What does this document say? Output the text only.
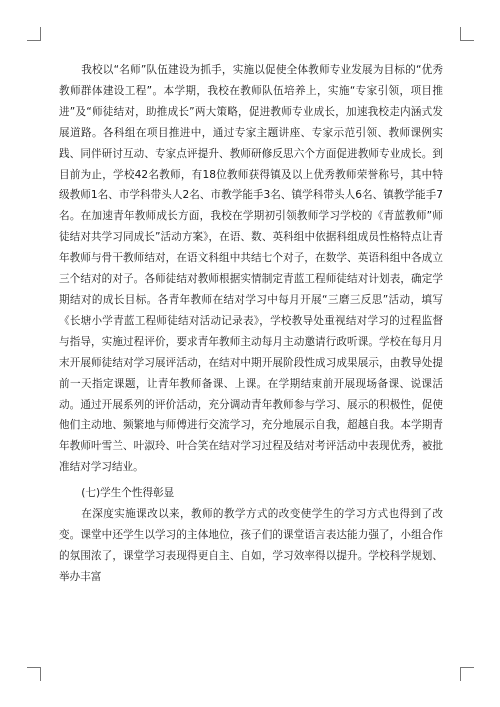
我校以“名师”队伍建设为抓手，实施以促使全体教师专业发展为目标的“优秀教师群体建设工程”。本学期，我校在教师队伍培养上，实施“专家引领，项目推进”及“师徒结对，助推成长”两大策略，促进教师专业成长，加速我校走内涵式发展道路。各科组在项目推进中，通过专家主题讲座、专家示范引领、教师课例实践、同伴研讨互动、专家点评提升、教师研修反思六个方面促进教师专业成长。到目前为止，学校42名教师，有18位教师获得镇及以上优秀教师荣誉称号，其中特级教师1名、市学科带头人2名、市教学能手3名、镇学科带头人6名、镇教学能手7名。在加速青年教师成长方面，我校在学期初引领教师学习学校的《青蓝教师”师徒结对共学习同成长”活动方案》，在语、数、英科组中依据科组成员性格特点让青年教师与骨干教师结对，在语文科组中共结七个对子，在数学、英语科组中各成立三个结对的对子。各师徒结对教师根据实情制定青蓝工程师徒结对计划表，确定学期结对的成长目标。各青年教师在结对学习中每月开展“三磨三反思”活动，填写《长塘小学青蓝工程师徒结对活动记录表》，学校教导处重视结对学习的过程监督与指导，实施过程评价，要求青年教师主动每月主动邀请行政听课。学校在每月月末开展师徒结对学习展评活动，在结对中期开展阶段性成习成果展示，由教导处提前一天指定课题，让青年教师备课、上课。在学期结束前开展现场备课、说课活动。通过开展系列的评价活动，充分调动青年教师参与学习、展示的积极性，促使他们主动地、频繁地与师傅进行交流学习，充分地展示自我，超越自我。本学期青年教师叶雪兰、叶淑玲、叶合笑在结对学习过程及结对考评活动中表现优秀，被批准结对学习结业。

(七)学生个性得彰显

在深度实施课改以来，教师的教学方式的改变使学生的学习方式也得到了改变。课堂中还学生以学习的主体地位，孩子们的课堂语言表达能力强了，小组合作的氛围浓了，课堂学习表现得更自主、自如，学习效率得以提升。学校科学规划、举办丰富
